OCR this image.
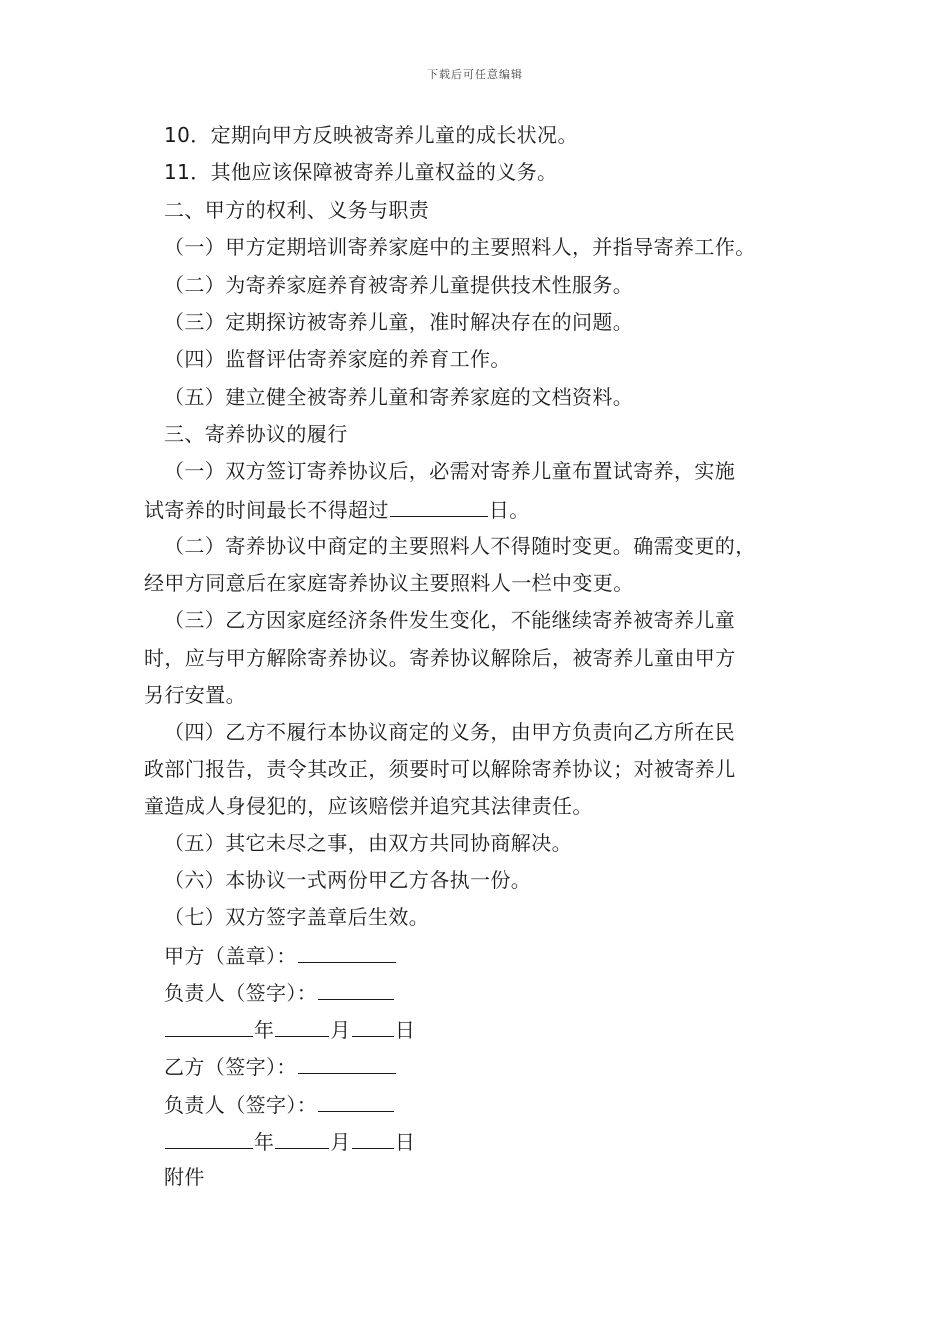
下载后可任意编辑
10．定期向甲方反映被寄养儿童的成长状况。
11．其他应该保障被寄养儿童权益的义务。
二、甲方的权利、义务与职责
（一）甲方定期培训寄养家庭中的主要照料人，并指导寄养工作。
（二）为寄养家庭养育被寄养儿童提供技术性服务。
（三）定期探访被寄养儿童，准时解决存在的问题。
（四）监督评估寄养家庭的养育工作。
（五）建立健全被寄养儿童和寄养家庭的文档资料。
三、寄养协议的履行
（一）双方签订寄养协议后，必需对寄养儿童布置试寄养，实施
试寄养的时间最长不得超过	日。
（二）寄养协议中商定的主要照料人不得随时变更。确需变更的，
经甲方同意后在家庭寄养协议主要照料人一栏中变更。
（三）乙方因家庭经济条件发生变化，不能继续寄养被寄养儿童
时，应与甲方解除寄养协议。寄养协议解除后，被寄养儿童由甲方
另行安置。
（四）乙方不履行本协议商定的义务，由甲方负责向乙方所在民
政部门报告，责令其改正，须要时可以解除寄养协议；对被寄养儿
童造成人身侵犯的，应该赔偿并追究其法律责任。
（五）其它未尽之事，由双方共同协商解决。
（六）本协议一式两份甲乙方各执一份。
（七）双方签字盖章后生效。
甲方（盖章）：
负责人（签字）：
年	月 日
乙方（签字）：
负责人（签字）：
年	月 日
附件
